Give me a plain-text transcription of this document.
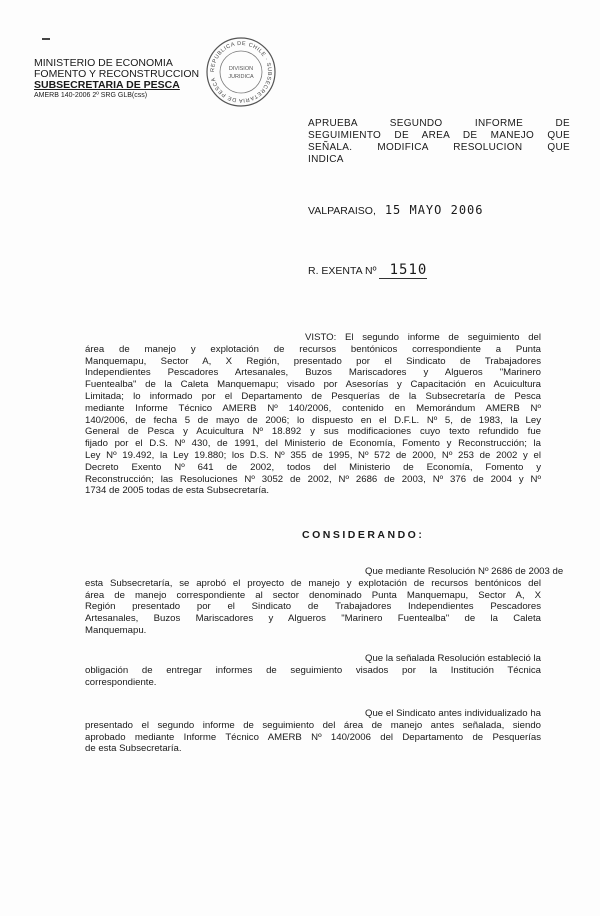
MINISTERIO DE ECONOMIA
FOMENTO Y RECONSTRUCCION
SUBSECRETARIA DE PESCA
AMERB 140-2006 2º SRG GLB(css)
REPUBLICA DE CHILE · SUBSECRETARIA DE PESCA
DIVISION
JURIDICA
APRUEBA SEGUNDO INFORME DE
SEGUIMIENTO DE AREA DE MANEJO QUE
SEÑALA. MODIFICA RESOLUCION QUE
INDICA
VALPARAISO, 15 MAYO 2006
R. EXENTA Nº 1510
VISTO: El segundo informe de seguimiento del
área de manejo y explotación de recursos bentónicos correspondiente a Punta
Manquemapu, Sector A, X Región, presentado por el Sindicato de Trabajadores
Independientes Pescadores Artesanales, Buzos Mariscadores y Algueros "Marinero
Fuentealba" de la Caleta Manquemapu; visado por Asesorías y Capacitación en Acuicultura
Limitada; lo informado por el Departamento de Pesquerías de la Subsecretaría de Pesca
mediante Informe Técnico AMERB Nº 140/2006, contenido en Memorándum AMERB Nº
140/2006, de fecha 5 de mayo de 2006; lo dispuesto en el D.F.L. Nº 5, de 1983, la Ley
General de Pesca y Acuicultura Nº 18.892 y sus modificaciones cuyo texto refundido fue
fijado por el D.S. Nº 430, de 1991, del Ministerio de Economía, Fomento y Reconstrucción; la
Ley Nº 19.492, la Ley 19.880; los D.S. Nº 355 de 1995, Nº 572 de 2000, Nº 253 de 2002 y el
Decreto Exento Nº 641 de 2002, todos del Ministerio de Economía, Fomento y
Reconstrucción; las Resoluciones Nº 3052 de 2002, Nº 2686 de 2003, Nº 376 de 2004 y Nº
1734 de 2005 todas de esta Subsecretaría.
CONSIDERANDO:
Que mediante Resolución Nº 2686 de 2003 de
esta Subsecretaría, se aprobó el proyecto de manejo y explotación de recursos bentónicos del
área de manejo correspondiente al sector denominado Punta Manquemapu, Sector A, X
Región presentado por el Sindicato de Trabajadores Independientes Pescadores
Artesanales, Buzos Mariscadores y Algueros "Marinero Fuentealba" de la Caleta
Manquemapu.
Que la señalada Resolución estableció la
obligación de entregar informes de seguimiento visados por la Institución Técnica
correspondiente.
Que el Sindicato antes individualizado ha
presentado el segundo informe de seguimiento del área de manejo antes señalada, siendo
aprobado mediante Informe Técnico AMERB Nº 140/2006 del Departamento de Pesquerías
de esta Subsecretaría.
